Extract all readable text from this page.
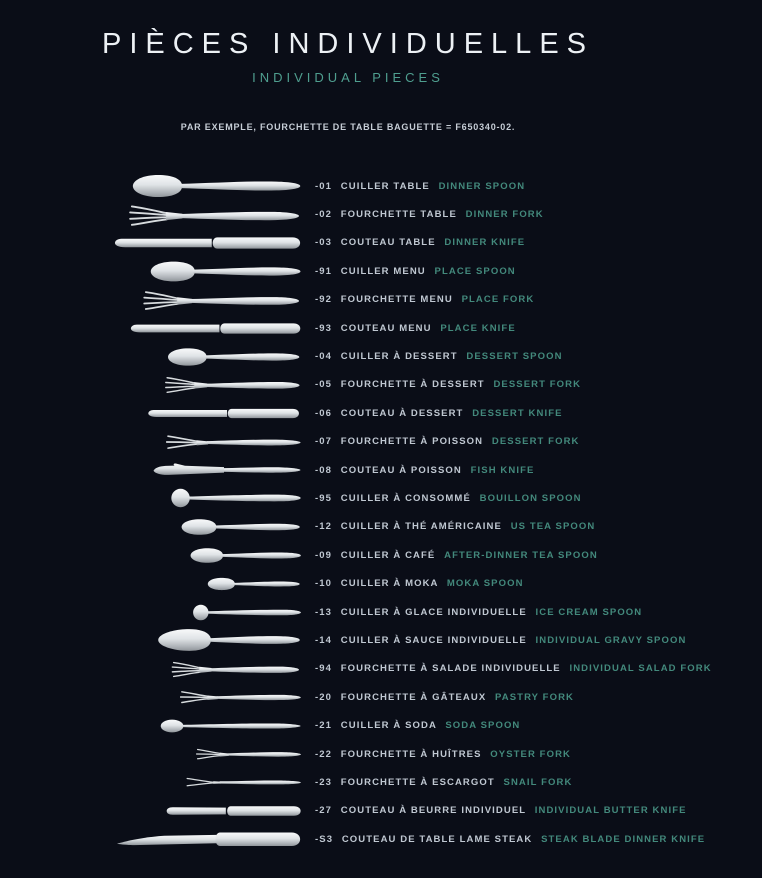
PIÈCES INDIVIDUELLES
INDIVIDUAL PIECES
PAR EXEMPLE, FOURCHETTE DE TABLE BAGUETTE = F650340-02.
-01 CUILLER TABLE DINNER SPOON
-02 FOURCHETTE TABLE DINNER FORK
-03 COUTEAU TABLE DINNER KNIFE
-91 CUILLER MENU PLACE SPOON
-92 FOURCHETTE MENU PLACE FORK
-93 COUTEAU MENU PLACE KNIFE
-04 CUILLER À DESSERT DESSERT SPOON
-05 FOURCHETTE À DESSERT DESSERT FORK
-06 COUTEAU À DESSERT DESSERT KNIFE
-07 FOURCHETTE À POISSON DESSERT FORK
-08 COUTEAU À POISSON FISH KNIFE
-95 CUILLER À CONSOMMÉ BOUILLON SPOON
-12 CUILLER À THÉ AMÉRICAINE US TEA SPOON
-09 CUILLER À CAFÉ AFTER-DINNER TEA SPOON
-10 CUILLER À MOKA MOKA SPOON
-13 CUILLER À GLACE INDIVIDUELLE ICE CREAM SPOON
-14 CUILLER À SAUCE INDIVIDUELLE INDIVIDUAL GRAVY SPOON
-94 FOURCHETTE À SALADE INDIVIDUELLE INDIVIDUAL SALAD FORK
-20 FOURCHETTE À GÂTEAUX PASTRY FORK
-21 CUILLER À SODA SODA SPOON
-22 FOURCHETTE À HUÎTRES OYSTER FORK
-23 FOURCHETTE À ESCARGOT SNAIL FORK
-27 COUTEAU À BEURRE INDIVIDUEL INDIVIDUAL BUTTER KNIFE
-S3 COUTEAU DE TABLE LAME STEAK STEAK BLADE DINNER KNIFE
